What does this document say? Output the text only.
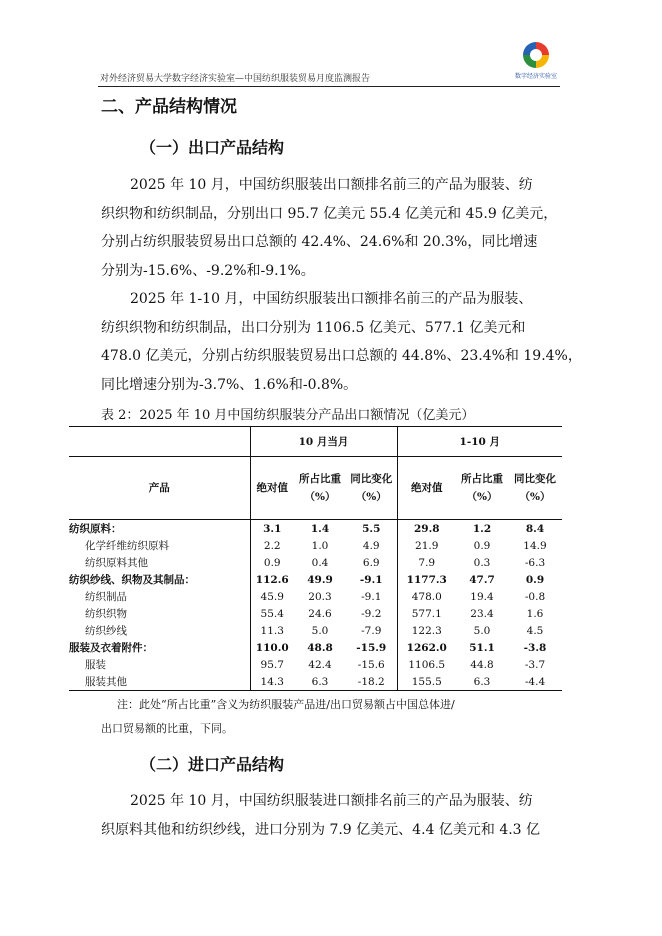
对外经济贸易大学数字经济实验室—中国纺织服装贸易月度监测报告	数字经济实验室
二、产品结构情况
（一）出口产品结构
2025 年 10 月，中国纺织服装出口额排名前三的产品为服装、纺
织织物和纺织制品，分别出口 95.7 亿美元 55.4 亿美元和 45.9 亿美元，
分别占纺织服装贸易出口总额的 42.4%、24.6%和 20.3%，同比增速
分别为-15.6%、-9.2%和-9.1%。
2025 年 1-10 月，中国纺织服装出口额排名前三的产品为服装、
纺织织物和纺织制品，出口分别为 1106.5 亿美元、577.1 亿美元和
478.0 亿美元，分别占纺织服装贸易出口总额的 44.8%、23.4%和 19.4%，
同比增速分别为-3.7%、1.6%和-0.8%。
表 2：2025 年 10 月中国纺织服装分产品出口额情况（亿美元）
	10 月当月			1-10 月		
产品	绝对值	所占比重
（%）	同比变化
（%）	绝对值	所占比重
（%）	同比变化
（%）
纺织原料：	3.1	1.4	5.5	29.8	1.2	8.4
化学纤维纺织原料	2.2	1.0	4.9	21.9	0.9	14.9
纺织原料其他	0.9	0.4	6.9	7.9	0.3	-6.3
纺织纱线、织物及其制品：	112.6	49.9	-9.1	1177.3	47.7	0.9
纺织制品	45.9	20.3	-9.1	478.0	19.4	-0.8
纺织织物	55.4	24.6	-9.2	577.1	23.4	1.6
纺织纱线	11.3	5.0	-7.9	122.3	5.0	4.5
服装及衣着附件：	110.0	48.8	-15.9	1262.0	51.1	-3.8
服装	95.7	42.4	-15.6	1106.5	44.8	-3.7
服装其他	14.3	6.3	-18.2	155.5	6.3	-4.4
注：此处“所占比重”含义为纺织服装产品进/出口贸易额占中国总体进/
出口贸易额的比重，下同。
（二）进口产品结构
2025 年 10 月，中国纺织服装进口额排名前三的产品为服装、纺
织原料其他和纺织纱线，进口分别为 7.9 亿美元、4.4 亿美元和 4.3 亿
